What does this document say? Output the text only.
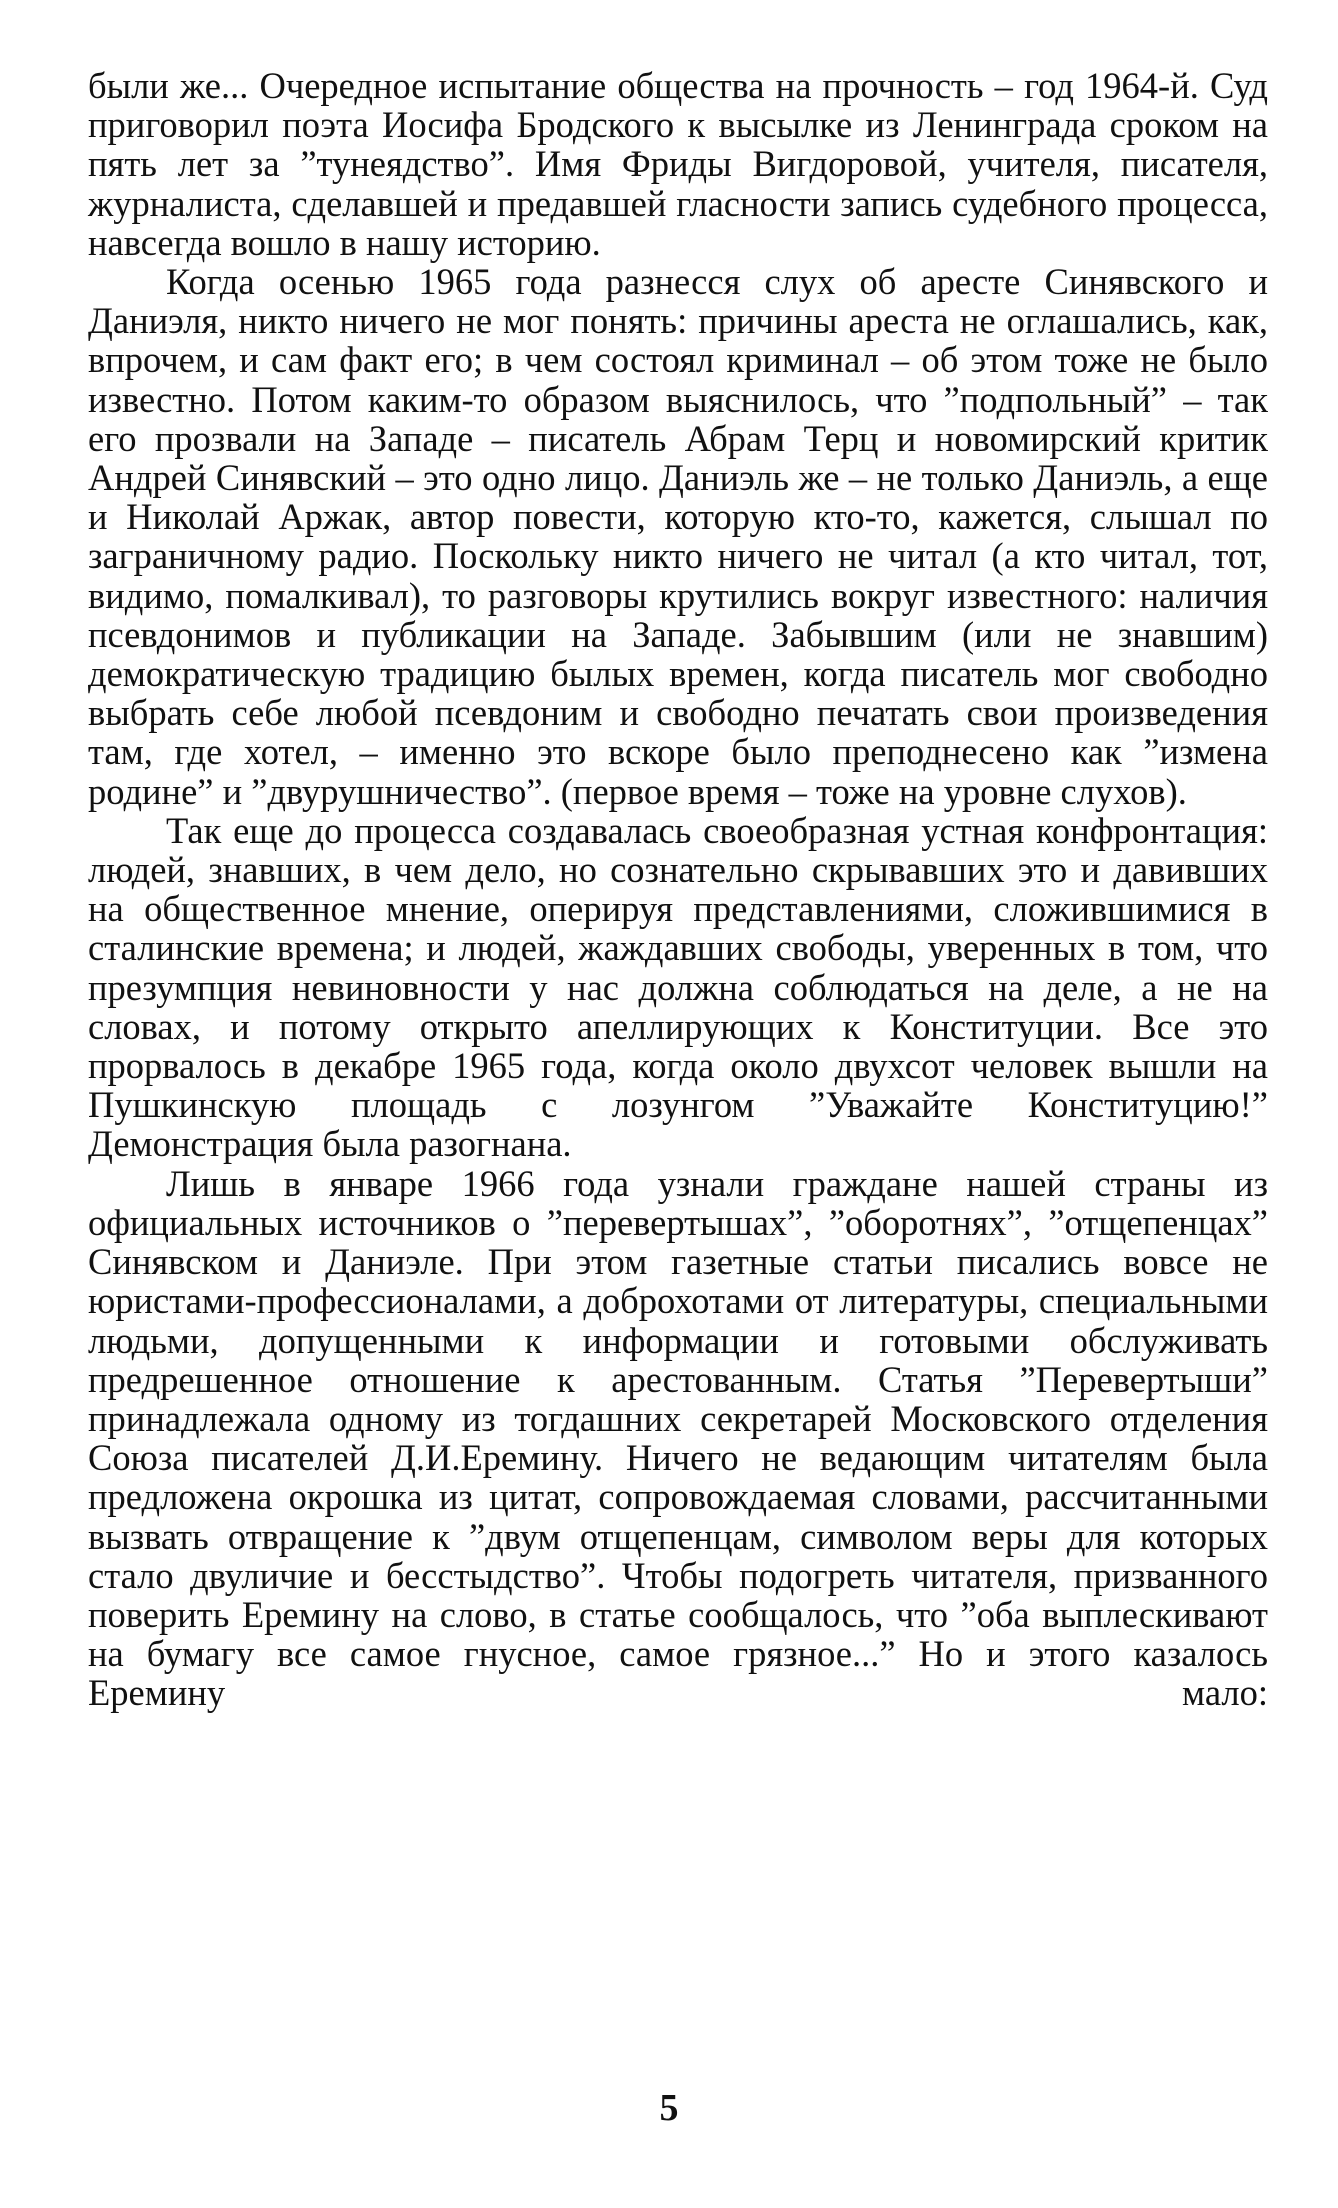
были же... Очередное испытание общества на прочность – год 1964-й. Суд приговорил поэта Иосифа Бродского к высылке из Ленинграда сроком на пять лет за ”тунеядство”. Имя Фриды Вигдоровой, учителя, писателя, журналиста, сделавшей и предавшей гласности запись судебного процесса, навсегда вошло в нашу историю.

Когда осенью 1965 года разнесся слух об аресте Синявского и Даниэля, никто ничего не мог понять: причины ареста не оглашались, как, впрочем, и сам факт его; в чем состоял криминал – об этом тоже не было известно. Потом каким-то образом выяснилось, что ”подпольный” – так его прозвали на Западе – писатель Абрам Терц и новомирский критик Андрей Синявский – это одно лицо. Даниэль же – не только Даниэль, а еще и Николай Аржак, автор повести, которую кто-то, кажется, слышал по заграничному радио. Поскольку никто ничего не читал (а кто читал, тот, видимо, помалкивал), то разговоры крутились вокруг известного: наличия псевдонимов и публикации на Западе. Забывшим (или не знавшим) демократическую традицию былых времен, когда писатель мог свободно выбрать себе любой псевдоним и свободно печатать свои произведения там, где хотел, – именно это вскоре было преподнесено как ”измена родине” и ”двурушничество”. (первое время – тоже на уровне слухов).

Так еще до процесса создавалась своеобразная устная конфронтация: людей, знавших, в чем дело, но сознательно скрывавших это и давивших на общественное мнение, оперируя представлениями, сложившимися в сталинские времена; и людей, жаждавших свободы, уверенных в том, что презумпция невиновности у нас должна соблюдаться на деле, а не на словах, и потому открыто апеллирующих к Конституции. Все это прорвалось в декабре 1965 года, когда около двухсот человек вышли на Пушкинскую площадь с лозунгом ”Уважайте Конституцию!” Демонстрация была разогнана.

Лишь в январе 1966 года узнали граждане нашей страны из официальных источников о ”перевертышах”, ”оборотнях”, ”отщепенцах” Синявском и Даниэле. При этом газетные статьи писались вовсе не юристами-профессионалами, а доброхотами от литературы, специальными людьми, допущенными к информации и готовыми обслуживать предрешенное отношение к арестованным. Статья ”Перевертыши” принадлежала одному из тогдашних секретарей Московского отделения Союза писателей Д.И.Еремину. Ничего не ведающим читателям была предложена окрошка из цитат, сопровождаемая словами, рассчитанными вызвать отвращение к ”двум отщепенцам, символом веры для которых стало двуличие и бесстыдство”. Чтобы подогреть читателя, призванного поверить Еремину на слово, в статье сообщалось, что ”оба выплескивают на бумагу все самое гнусное, самое грязное...” Но и этого казалось Еремину мало:

5
